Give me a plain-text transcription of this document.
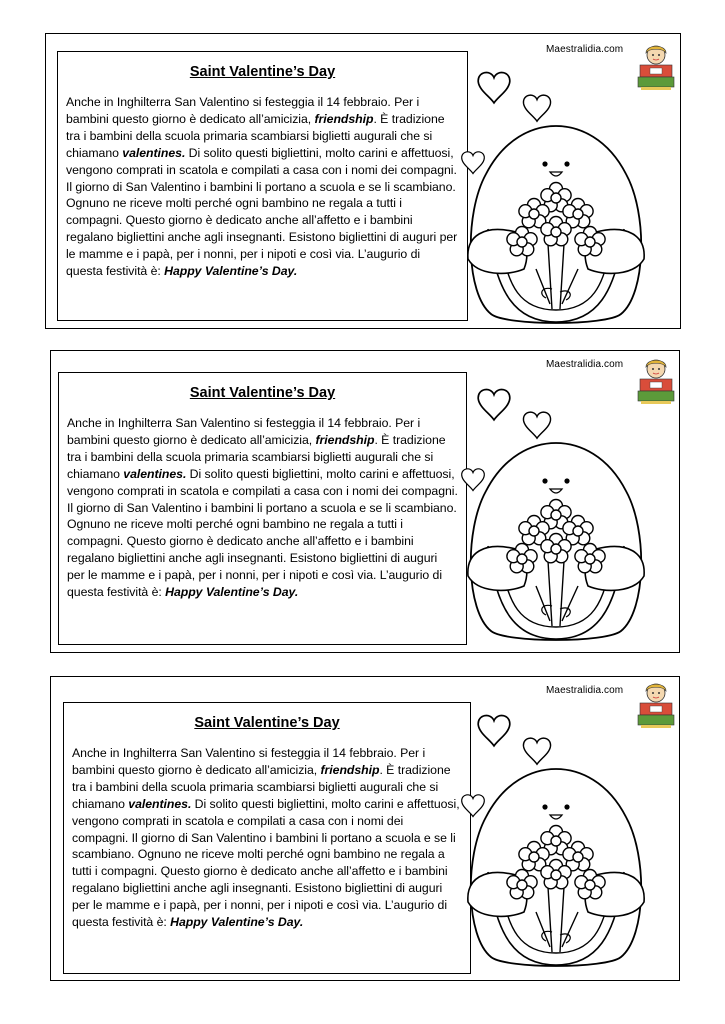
Maestralidia.com
Saint Valentine’s Day
Anche in Inghilterra San Valentino si festeggia il 14 febbraio. Per i bambini questo giorno è dedicato all’amicizia, friendship. È tradizione tra i bambini della scuola primaria scambiarsi biglietti augurali che si chiamano valentines. Di solito questi bigliettini, molto carini e affettuosi, vengono comprati in scatola e compilati a casa con i nomi dei compagni. Il giorno di San Valentino i bambini li portano a scuola e se li scambiano. Ognuno ne riceve molti perché ogni bambino ne regala a tutti i compagni. Questo giorno è dedicato anche all’affetto e i bambini regalano bigliettini anche agli insegnanti. Esistono bigliettini di auguri per le mamme e i papà, per i nonni, per i nipoti e così via. L’augurio di questa festività è: Happy Valentine’s Day.
Maestralidia.com
Saint Valentine’s Day
Anche in Inghilterra San Valentino si festeggia il 14 febbraio. Per i bambini questo giorno è dedicato all’amicizia, friendship. È tradizione tra i bambini della scuola primaria scambiarsi biglietti augurali che si chiamano valentines. Di solito questi bigliettini, molto carini e affettuosi, vengono comprati in scatola e compilati a casa con i nomi dei compagni. Il giorno di San Valentino i bambini li portano a scuola e se li scambiano. Ognuno ne riceve molti perché ogni bambino ne regala a tutti i compagni. Questo giorno è dedicato anche all’affetto e i bambini regalano bigliettini anche agli insegnanti. Esistono bigliettini di auguri per le mamme e i papà, per i nonni, per i nipoti e così via. L’augurio di questa festività è: Happy Valentine’s Day.
Maestralidia.com
Saint Valentine’s Day
Anche in Inghilterra San Valentino si festeggia il 14 febbraio. Per i bambini questo giorno è dedicato all’amicizia, friendship. È tradizione tra i bambini della scuola primaria scambiarsi biglietti augurali che si chiamano valentines. Di solito questi bigliettini, molto carini e affettuosi, vengono comprati in scatola e compilati a casa con i nomi dei compagni. Il giorno di San Valentino i bambini li portano a scuola e se li scambiano. Ognuno ne riceve molti perché ogni bambino ne regala a tutti i compagni. Questo giorno è dedicato anche all’affetto e i bambini regalano bigliettini anche agli insegnanti. Esistono bigliettini di auguri per le mamme e i papà, per i nonni, per i nipoti e così via. L’augurio di questa festività è: Happy Valentine’s Day.
